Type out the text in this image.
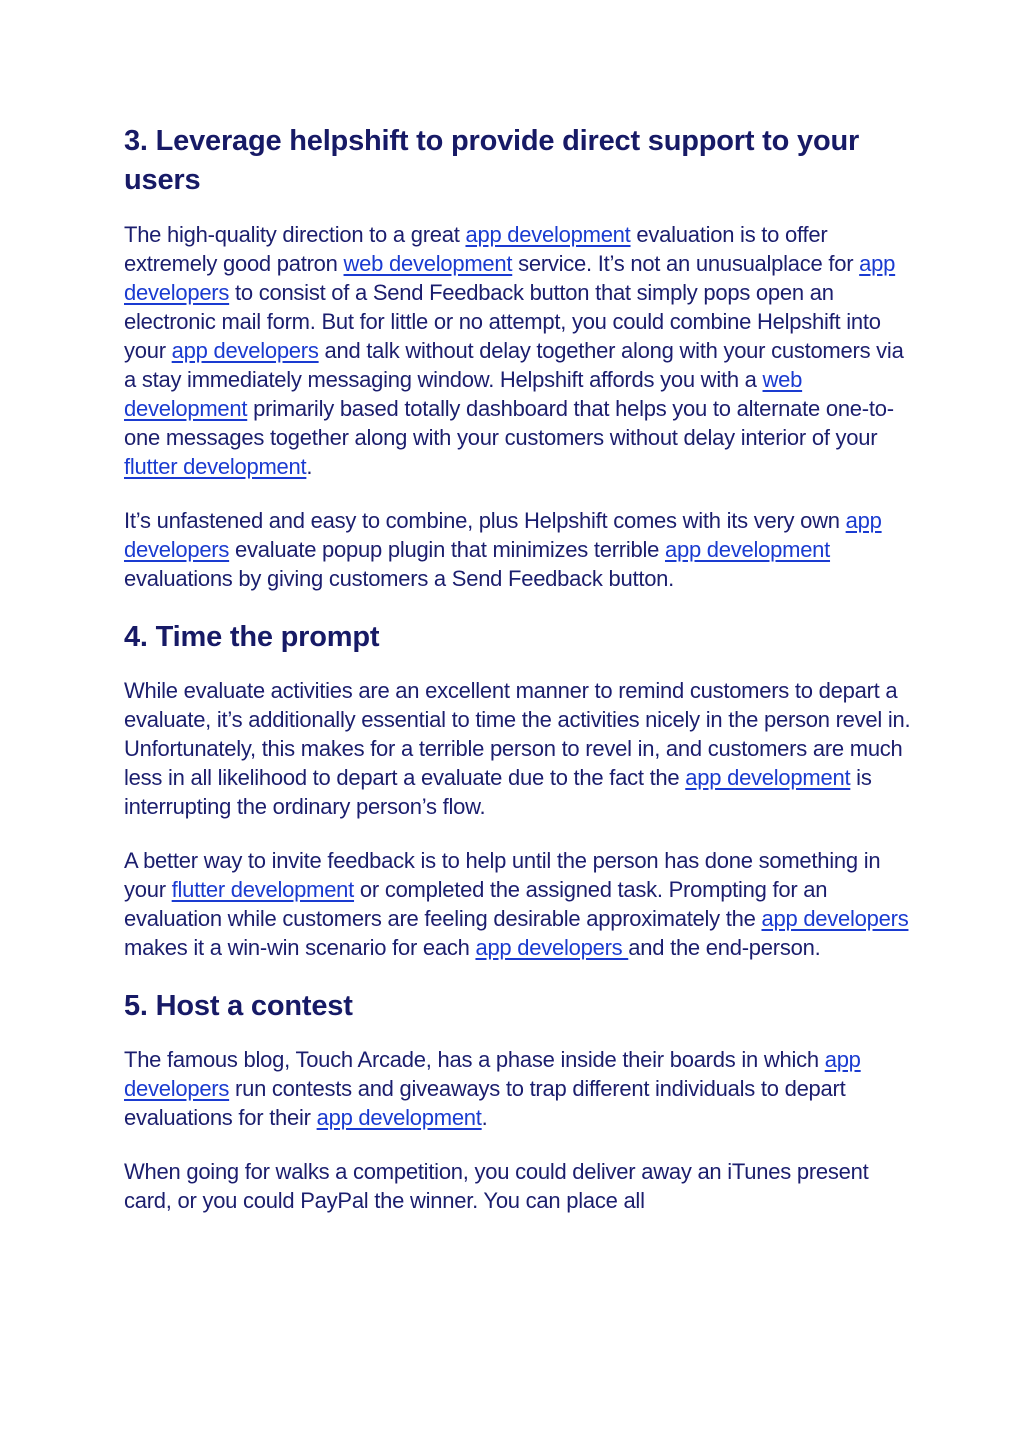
3. Leverage helpshift to provide direct support to your users

The high-quality direction to a great app development evaluation is to offer extremely good patron web development service. It’s not an unusualplace for app developers to consist of a Send Feedback button that simply pops open an electronic mail form. But for little or no attempt, you could combine Helpshift into your app developers and talk without delay together along with your customers via a stay immediately messaging window. Helpshift affords you with a web development primarily based totally dashboard that helps you to alternate one-to-one messages together along with your customers without delay interior of your flutter development.

It’s unfastened and easy to combine, plus Helpshift comes with its very own app developers evaluate popup plugin that minimizes terrible app development evaluations by giving customers a Send Feedback button.

4. Time the prompt

While evaluate activities are an excellent manner to remind customers to depart a evaluate, it’s additionally essential to time the activities nicely in the person revel in. Unfortunately, this makes for a terrible person to revel in, and customers are much less in all likelihood to depart a evaluate due to the fact the app development is interrupting the ordinary person’s flow.

A better way to invite feedback is to help until the person has done something in your flutter development or completed the assigned task. Prompting for an evaluation while customers are feeling desirable approximately the app developers makes it a win-win scenario for each app developers and the end-person.

5. Host a contest

The famous blog, Touch Arcade, has a phase inside their boards in which app developers run contests and giveaways to trap different individuals to depart evaluations for their app development.

When going for walks a competition, you could deliver away an iTunes present card, or you could PayPal the winner. You can place all
